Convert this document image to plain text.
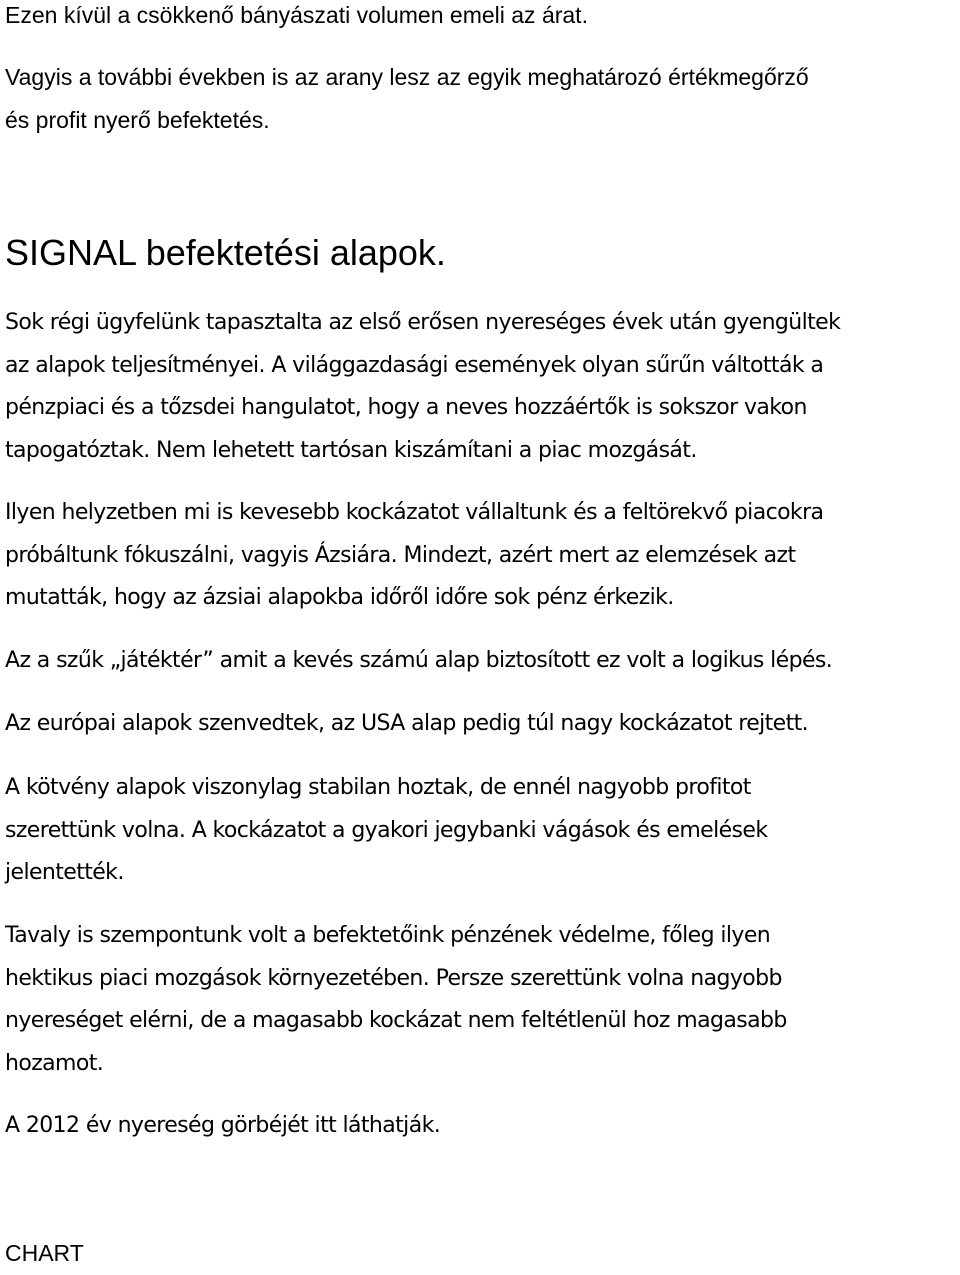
Ezen kívül a csökkenő bányászati volumen emeli az árat.

Vagyis a további években is az arany lesz az egyik meghatározó értékmegőrző
és profit nyerő befektetés.

SIGNAL befektetési alapok.

Sok régi ügyfelünk tapasztalta az első erősen nyereséges évek után gyengültek
az alapok teljesítményei. A világgazdasági események olyan sűrűn váltották a
pénzpiaci és a tőzsdei hangulatot, hogy a neves hozzáértők is sokszor vakon
tapogatóztak. Nem lehetett tartósan kiszámítani a piac mozgását.

Ilyen helyzetben mi is kevesebb kockázatot vállaltunk és a feltörekvő piacokra
próbáltunk fókuszálni, vagyis Ázsiára. Mindezt, azért mert az elemzések azt
mutatták, hogy az ázsiai alapokba időről időre sok pénz érkezik.

Az a szűk „játéktér” amit a kevés számú alap biztosított ez volt a logikus lépés.

Az európai alapok szenvedtek, az USA alap pedig túl nagy kockázatot rejtett.

A kötvény alapok viszonylag stabilan hoztak, de ennél nagyobb profitot
szerettünk volna. A kockázatot a gyakori jegybanki vágások és emelések
jelentették.

Tavaly is szempontunk volt a befektetőink pénzének védelme, főleg ilyen
hektikus piaci mozgások környezetében. Persze szerettünk volna nagyobb
nyereséget elérni, de a magasabb kockázat nem feltétlenül hoz magasabb
hozamot.

A 2012 év nyereség görbéjét itt láthatják.

CHART
